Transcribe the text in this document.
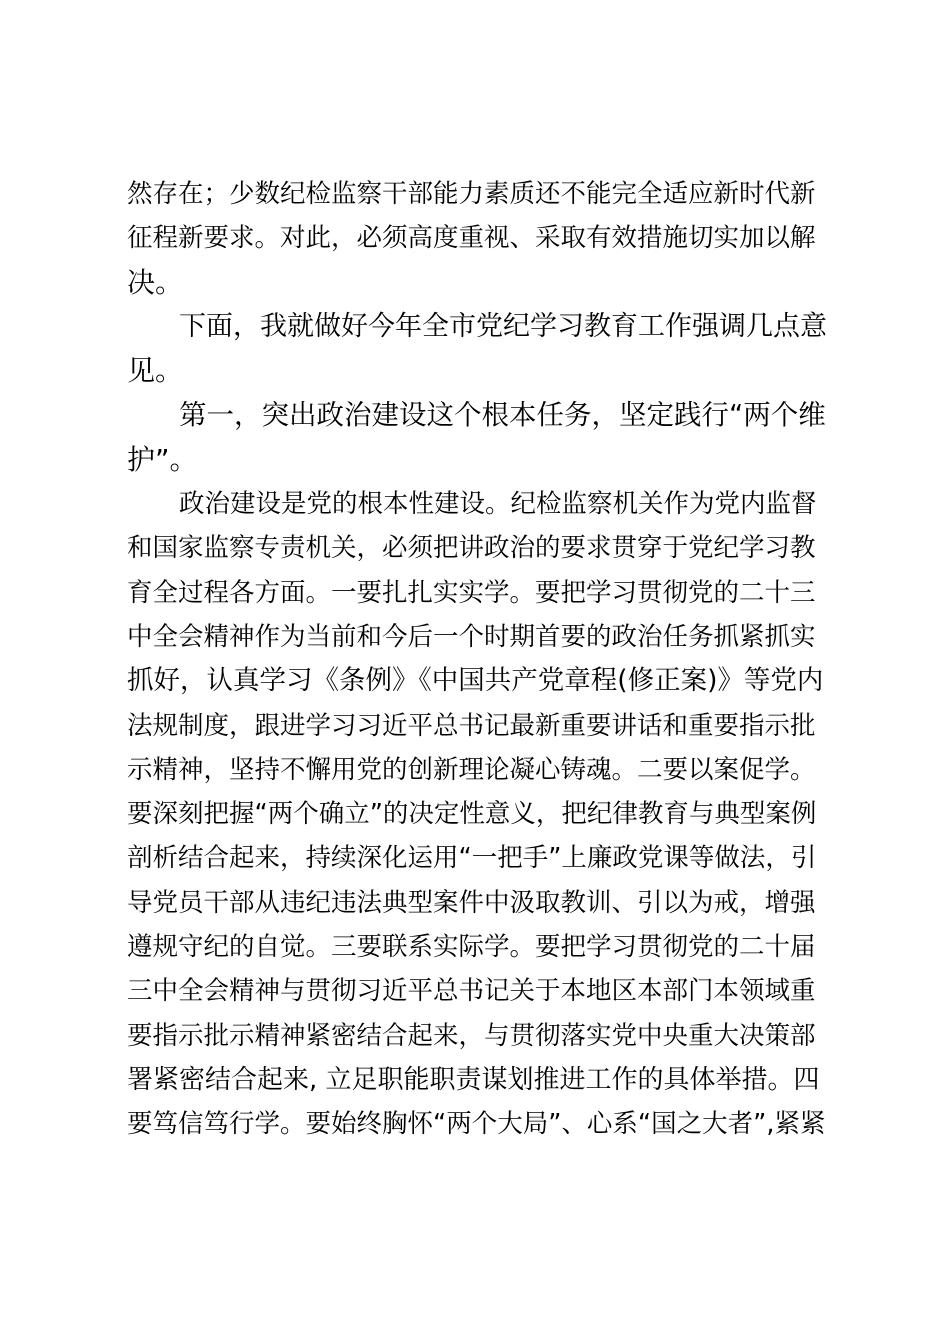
然存在；少数纪检监察干部能力素质还不能完全适应新时代新
征程新要求。对此，必须高度重视、采取有效措施切实加以解
决。
下面，我就做好今年全市党纪学习教育工作强调几点意
见。
第一，突出政治建设这个根本任务，坚定践行“两个维
护”。
政治建设是党的根本性建设。纪检监察机关作为党内监督
和国家监察专责机关，必须把讲政治的要求贯穿于党纪学习教
育全过程各方面。一要扎扎实实学。要把学习贯彻党的二十三
中全会精神作为当前和今后一个时期首要的政治任务抓紧抓实
抓好，认真学习《条例》《中国共产党章程(修正案)》等党内
法规制度，跟进学习习近平总书记最新重要讲话和重要指示批
示精神，坚持不懈用党的创新理论凝心铸魂。二要以案促学。
要深刻把握“两个确立”的决定性意义，把纪律教育与典型案例
剖析结合起来，持续深化运用“一把手”上廉政党课等做法，引
导党员干部从违纪违法典型案件中汲取教训、引以为戒，增强
遵规守纪的自觉。三要联系实际学。要把学习贯彻党的二十届
三中全会精神与贯彻习近平总书记关于本地区本部门本领域重
要指示批示精神紧密结合起来，与贯彻落实党中央重大决策部
署紧密结合起来, 立足职能职责谋划推进工作的具体举措。四
要笃信笃行学。要始终胸怀“两个大局”、心系“国之大者”,紧紧
